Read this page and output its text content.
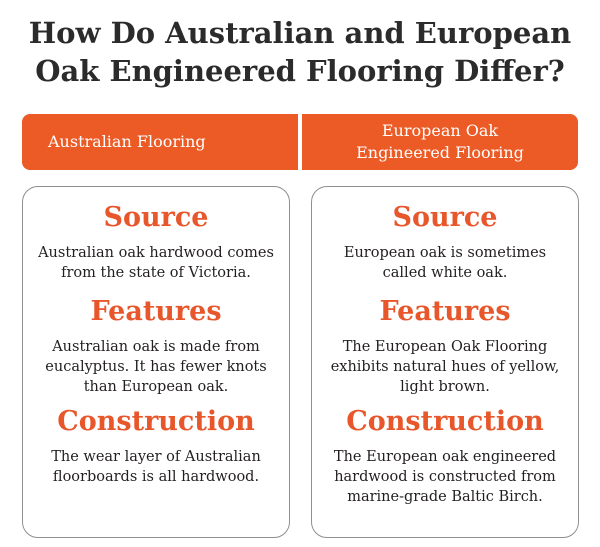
How Do Australian and European
Oak Engineered Flooring Differ?
Australian Flooring
European Oak
Engineered Flooring
Source
Australian oak hardwood comes
from the state of Victoria.
Features
Australian oak is made from
eucalyptus. It has fewer knots
than European oak.
Construction
The wear layer of Australian
floorboards is all hardwood.
Source
European oak is sometimes
called white oak.
Features
The European Oak Flooring
exhibits natural hues of yellow,
light brown.
Construction
The European oak engineered
hardwood is constructed from
marine-grade Baltic Birch.
